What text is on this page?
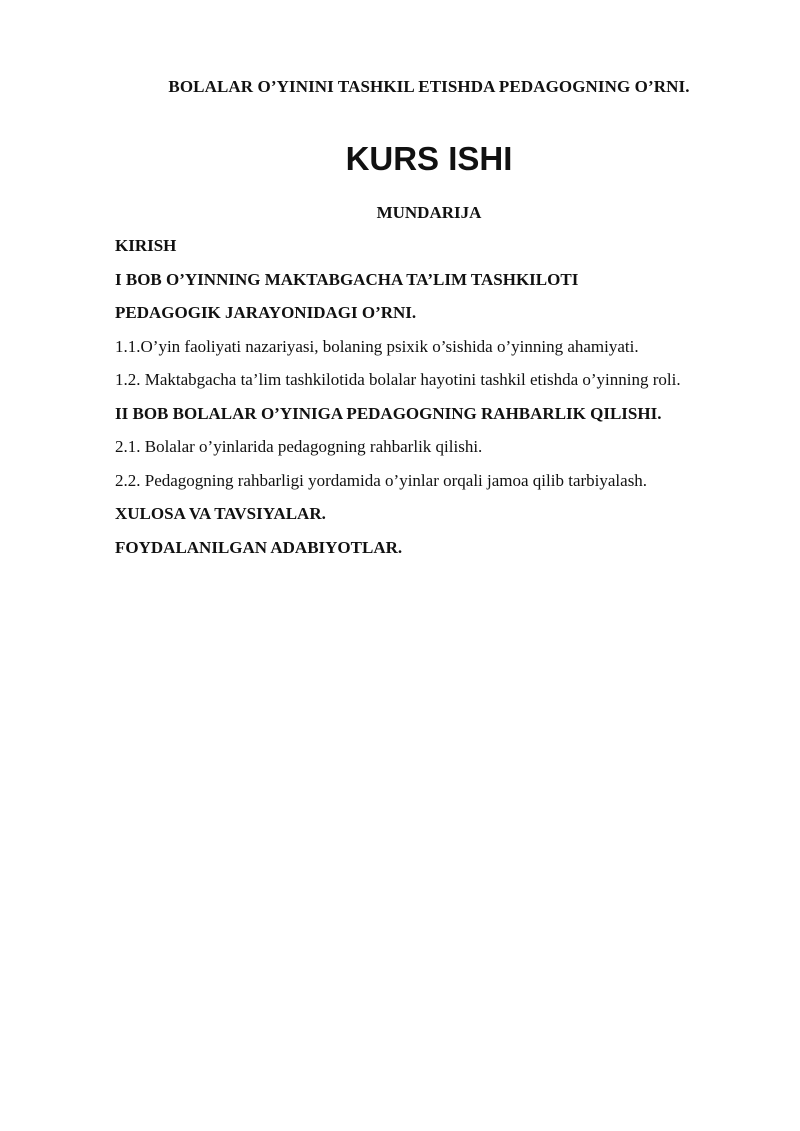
BOLALAR O’YININI TASHKIL ETISHDA PEDAGOGNING O’RNI.
KURS ISHI
MUNDARIJA
KIRISH
I BOB O’YINNING MAKTABGACHA TA’LIM TASHKILOTI
PEDAGOGIK JARAYONIDAGI O’RNI.
1.1.O’yin faoliyati nazariyasi, bolaning psixik o’sishida o’yinning ahamiyati.
1.2. Maktabgacha ta’lim tashkilotida bolalar hayotini tashkil etishda o’yinning roli.
II BOB BOLALAR O’YINIGA PEDAGOGNING RAHBARLIK QILISHI.
2.1. Bolalar o’yinlarida pedagogning rahbarlik qilishi.
2.2. Pedagogning rahbarligi yordamida o’yinlar orqali jamoa qilib tarbiyalash.
XULOSA VA TAVSIYALAR.
FOYDALANILGAN ADABIYOTLAR.
